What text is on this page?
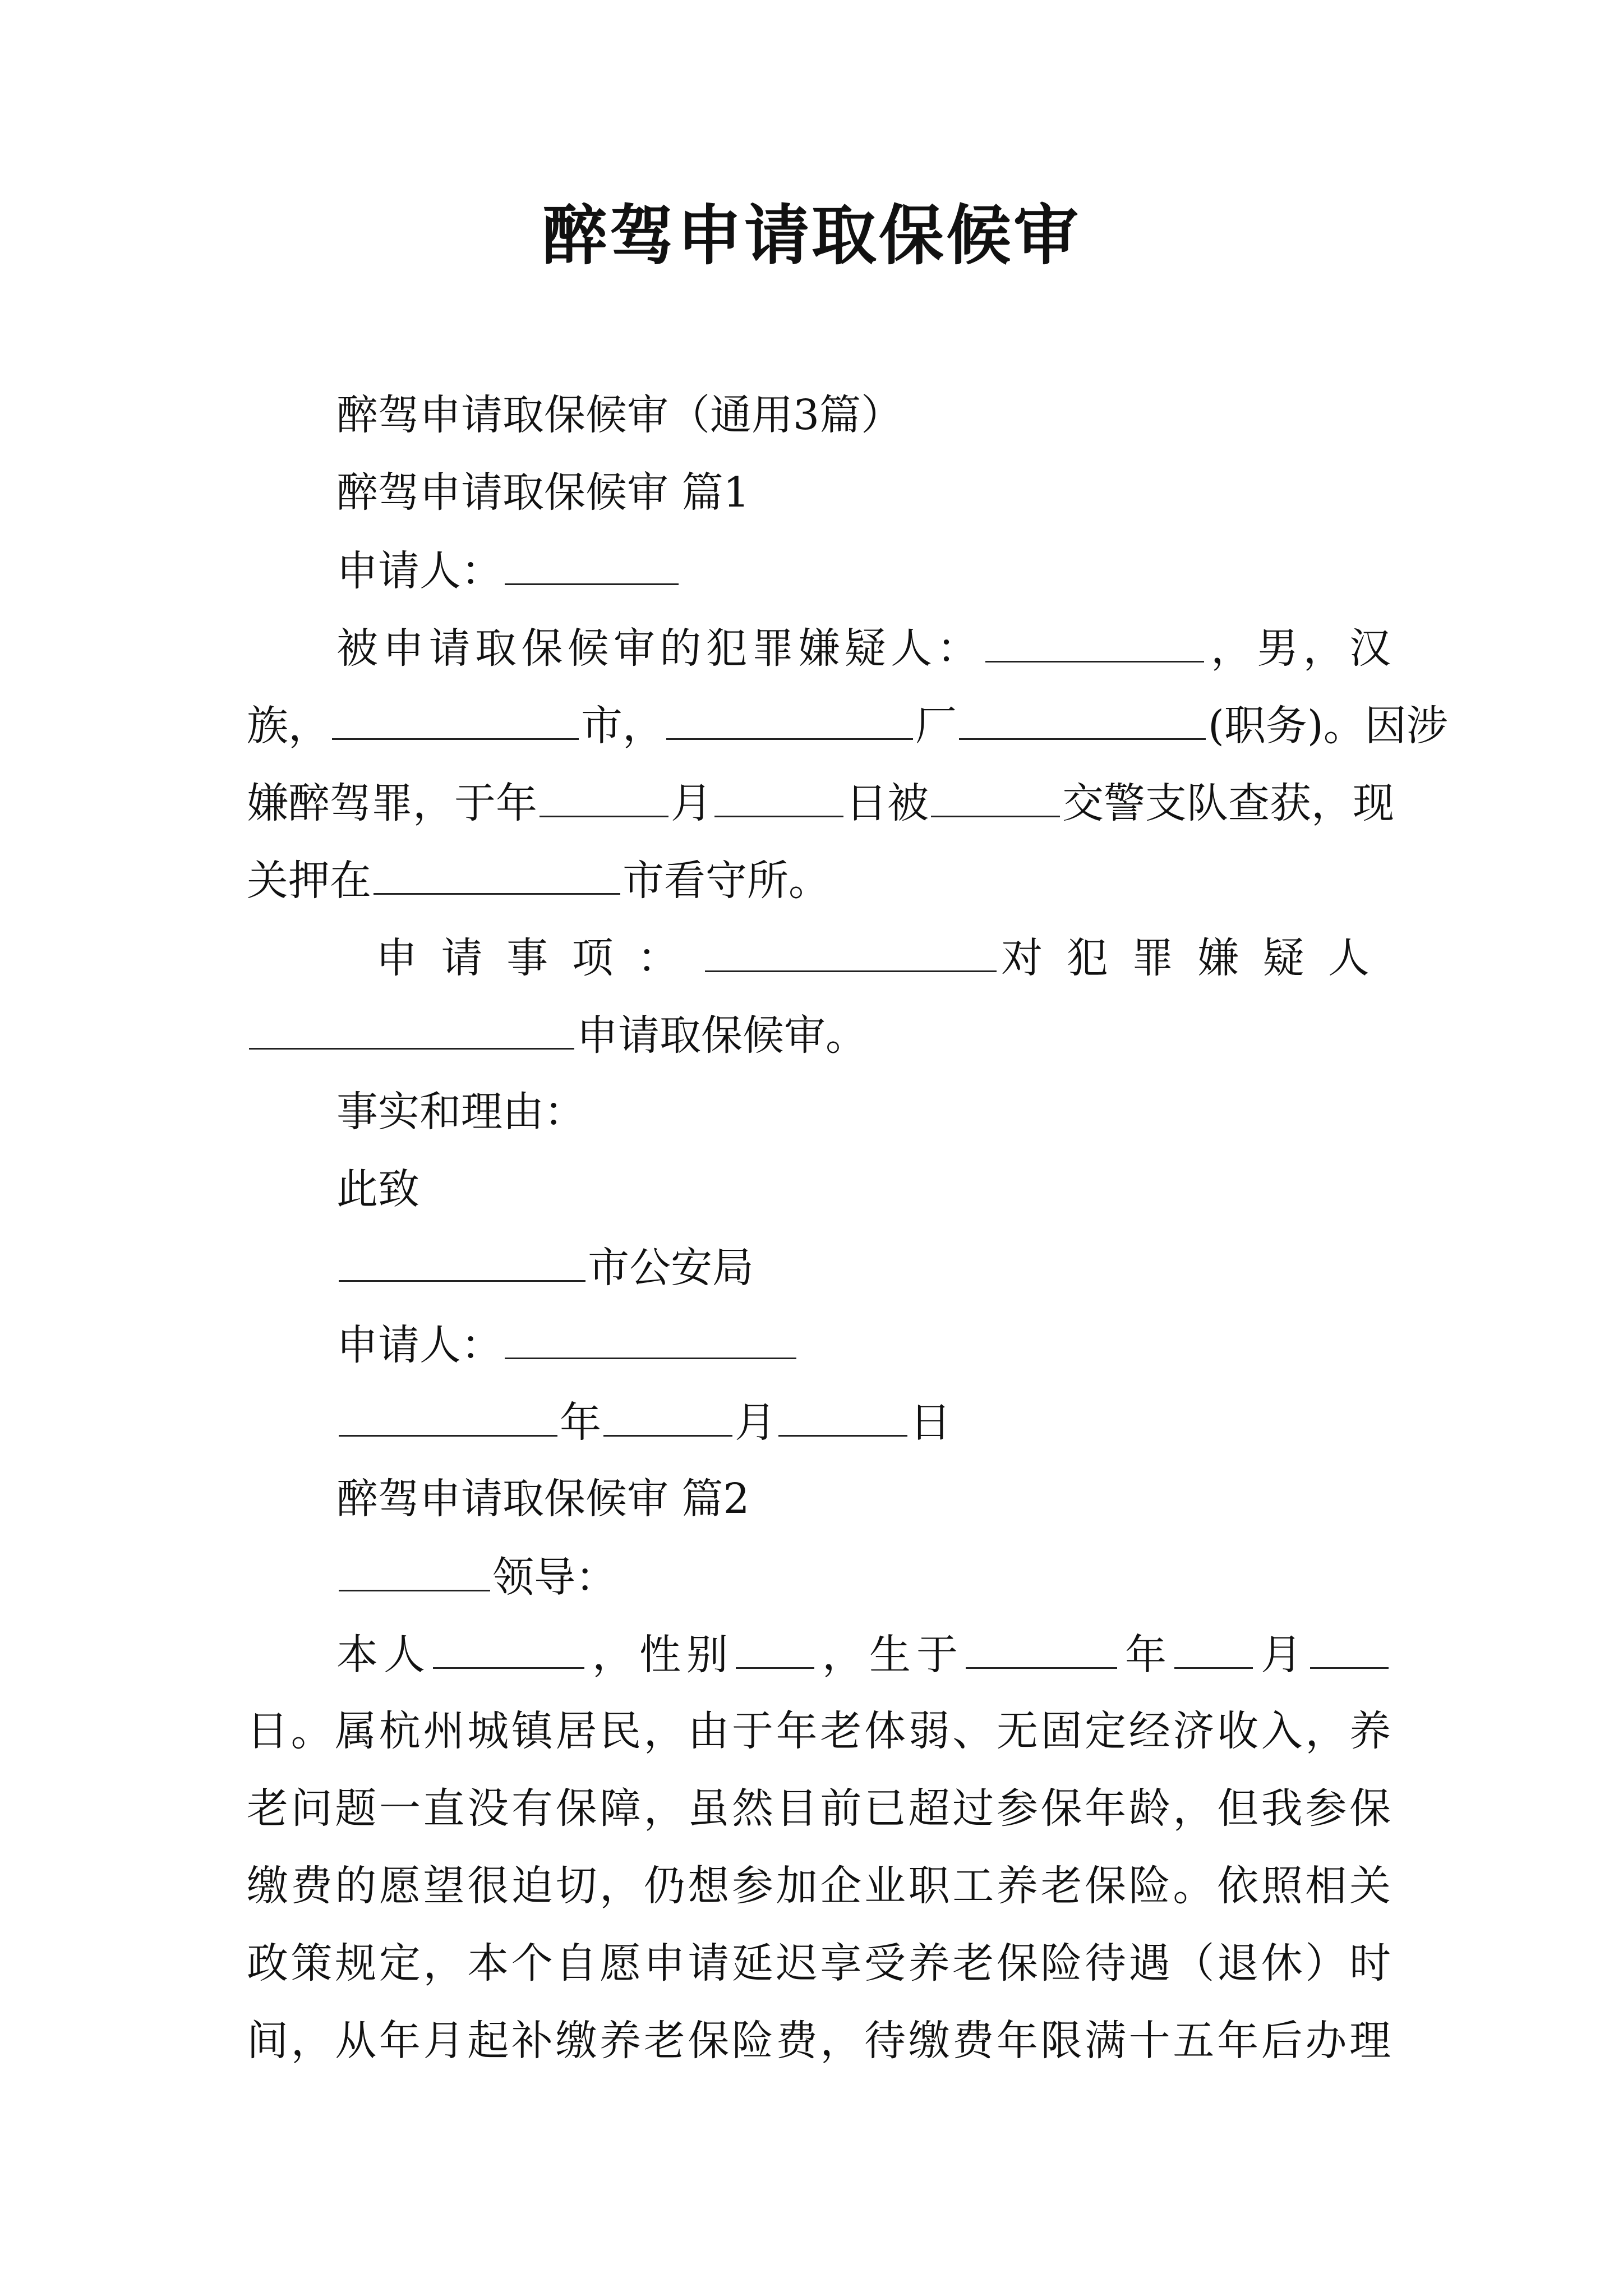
醉驾申请取保候审
醉驾申请取保候审（通用3篇）
醉驾申请取保候审 篇1
申请人：
被申请取保候审的犯罪嫌疑人：	，男，汉
族，	市，	厂	(职务)。因涉
嫌醉驾罪，于年	月	日被	交警支队查获，现
关押在	市看守所。
申请事项：	对犯罪嫌疑人
申请取保候审。
事实和理由：
此致
市公安局
申请人：
年	月	日
醉驾申请取保候审 篇2
领导：
本人	，性别 ，生于	年 月
日。属杭州城镇居民，由于年老体弱、无固定经济收入，养
老问题一直没有保障，虽然目前已超过参保年龄，但我参保
缴费的愿望很迫切，仍想参加企业职工养老保险。依照相关
政策规定，本个自愿申请延迟享受养老保险待遇（退休）时
间，从年月起补缴养老保险费，待缴费年限满十五年后办理
